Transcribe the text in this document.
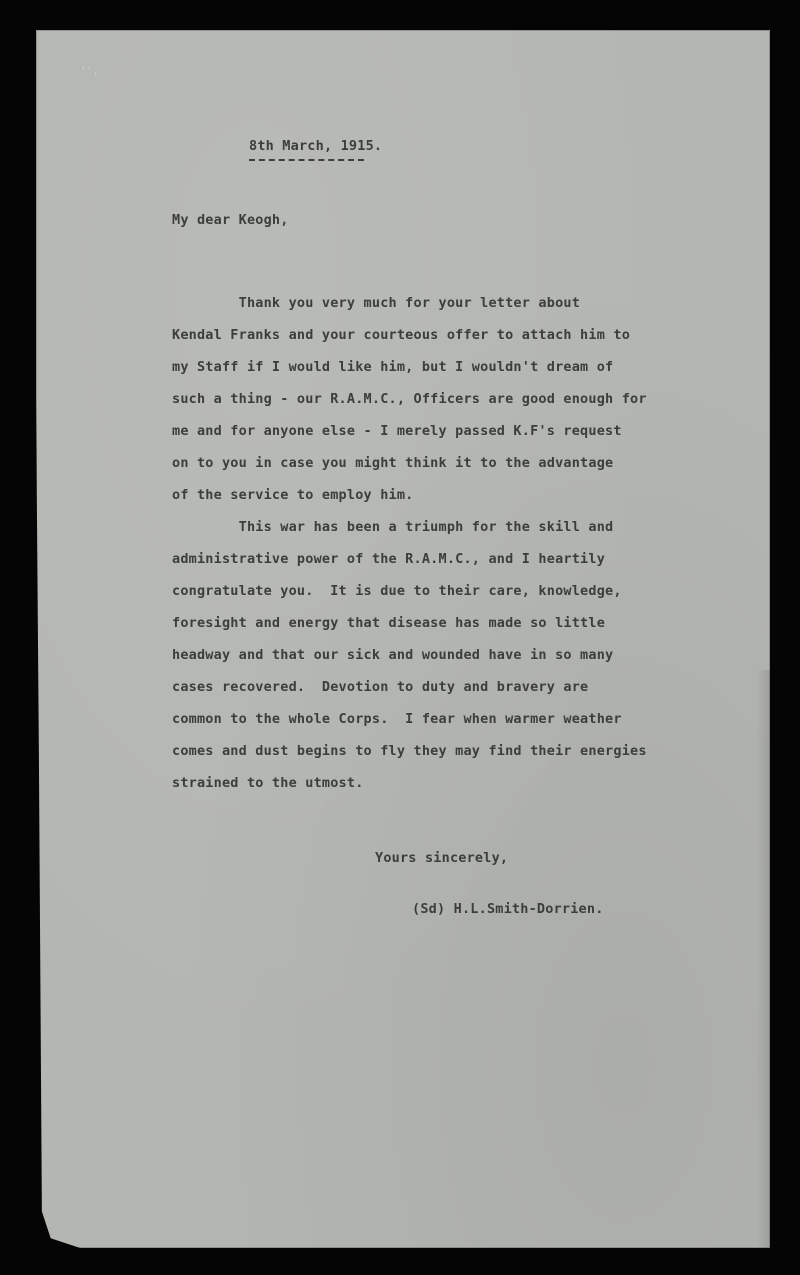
' ' ,
8th March, 1915.
My dear Keogh,
Thank you very much for your letter about
Kendal Franks and your courteous offer to attach him to
my Staff if I would like him, but I wouldn't dream of
such a thing - our R.A.M.C., Officers are good enough for
me and for anyone else - I merely passed K.F's request
on to you in case you might think it to the advantage
of the service to employ him.
This war has been a triumph for the skill and
administrative power of the R.A.M.C., and I heartily
congratulate you.  It is due to their care, knowledge,
foresight and energy that disease has made so little
headway and that our sick and wounded have in so many
cases recovered.  Devotion to duty and bravery are
common to the whole Corps.  I fear when warmer weather
comes and dust begins to fly they may find their energies
strained to the utmost.
Yours sincerely,
(Sd) H.L.Smith-Dorrien.
